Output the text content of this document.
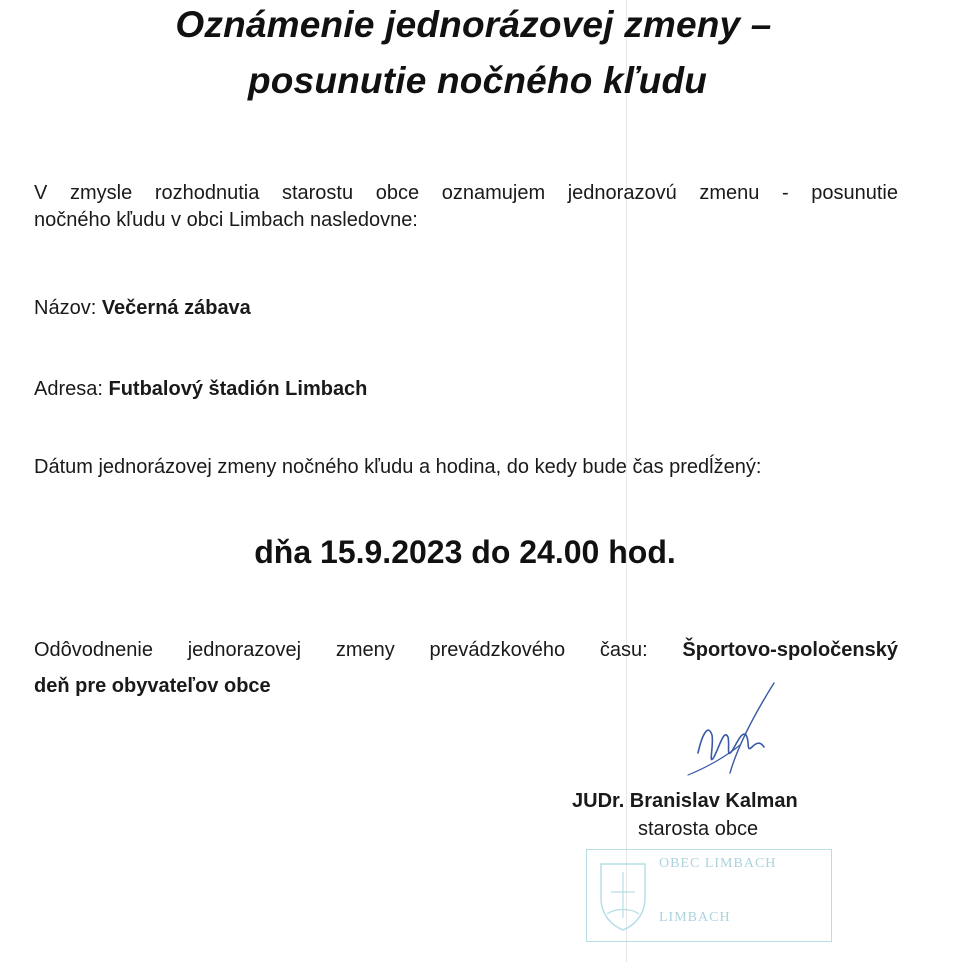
Oznámenie jednorázovej zmeny –
posunutie nočného kľudu
V zmysle rozhodnutia starostu obce oznamujem jednorazovú zmenu - posunutie
nočného kľudu v obci Limbach nasledovne:
Názov: Večerná zábava
Adresa: Futbalový štadión Limbach
Dátum jednorázovej zmeny nočného kľudu a hodina, do kedy bude čas predĺžený:
dňa 15.9.2023 do 24.00 hod.
Odôvodnenie jednorazovej zmeny prevádzkového času: Športovo-spoločenský
deň pre obyvateľov obce
JUDr. Branislav Kalman
starosta obce
OBEC LIMBACH
LIMBACH
